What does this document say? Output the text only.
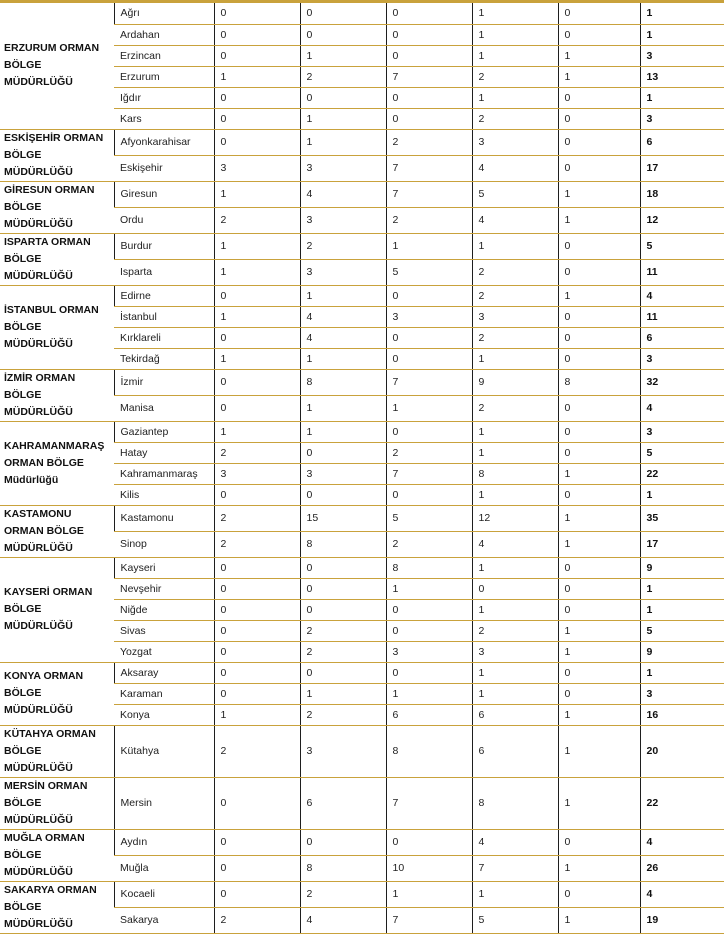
ERZURUM ORMAN BÖLGE MÜDÜRLÜĞÜ	Ağrı	0	0	0	1	0	1
	Ardahan	0	0	0	1	0	1
	Erzincan	0	1	0	1	1	3
	Erzurum	1	2	7	2	1	13
	Iğdır	0	0	0	1	0	1
	Kars	0	1	0	2	0	3
ESKİŞEHİR ORMAN BÖLGE MÜDÜRLÜĞÜ	Afyonkarahisar	0	1	2	3	0	6
	Eskişehir	3	3	7	4	0	17
GİRESUN ORMAN BÖLGE MÜDÜRLÜĞÜ	Giresun	1	4	7	5	1	18
	Ordu	2	3	2	4	1	12
ISPARTA ORMAN BÖLGE MÜDÜRLÜĞÜ	Burdur	1	2	1	1	0	5
	Isparta	1	3	5	2	0	11
İSTANBUL ORMAN BÖLGE MÜDÜRLÜĞÜ	Edirne	0	1	0	2	1	4
	İstanbul	1	4	3	3	0	11
	Kırklareli	0	4	0	2	0	6
	Tekirdağ	1	1	0	1	0	3
İZMİR ORMAN BÖLGE MÜDÜRLÜĞÜ	İzmir	0	8	7	9	8	32
	Manisa	0	1	1	2	0	4
KAHRAMANMARAŞ ORMAN BÖLGE Müdürlüğü	Gaziantep	1	1	0	1	0	3
	Hatay	2	0	2	1	0	5
	Kahramanmaraş	3	3	7	8	1	22
	Kilis	0	0	0	1	0	1
KASTAMONU ORMAN BÖLGE MÜDÜRLÜĞÜ	Kastamonu	2	15	5	12	1	35
	Sinop	2	8	2	4	1	17
KAYSERİ ORMAN BÖLGE MÜDÜRLÜĞÜ	Kayseri	0	0	8	1	0	9
	Nevşehir	0	0	1	0	0	1
	Niğde	0	0	0	1	0	1
	Sivas	0	2	0	2	1	5
	Yozgat	0	2	3	3	1	9
KONYA ORMAN BÖLGE MÜDÜRLÜĞÜ	Aksaray	0	0	0	1	0	1
	Karaman	0	1	1	1	0	3
	Konya	1	2	6	6	1	16
KÜTAHYA ORMAN BÖLGE MÜDÜRLÜĞÜ	Kütahya	2	3	8	6	1	20
MERSİN ORMAN BÖLGE MÜDÜRLÜĞÜ	Mersin	0	6	7	8	1	22
MUĞLA ORMAN BÖLGE MÜDÜRLÜĞÜ	Aydın	0	0	0	4	0	4
	Muğla	0	8	10	7	1	26
SAKARYA ORMAN BÖLGE MÜDÜRLÜĞÜ	Kocaeli	0	2	1	1	0	4
	Sakarya	2	4	7	5	1	19
